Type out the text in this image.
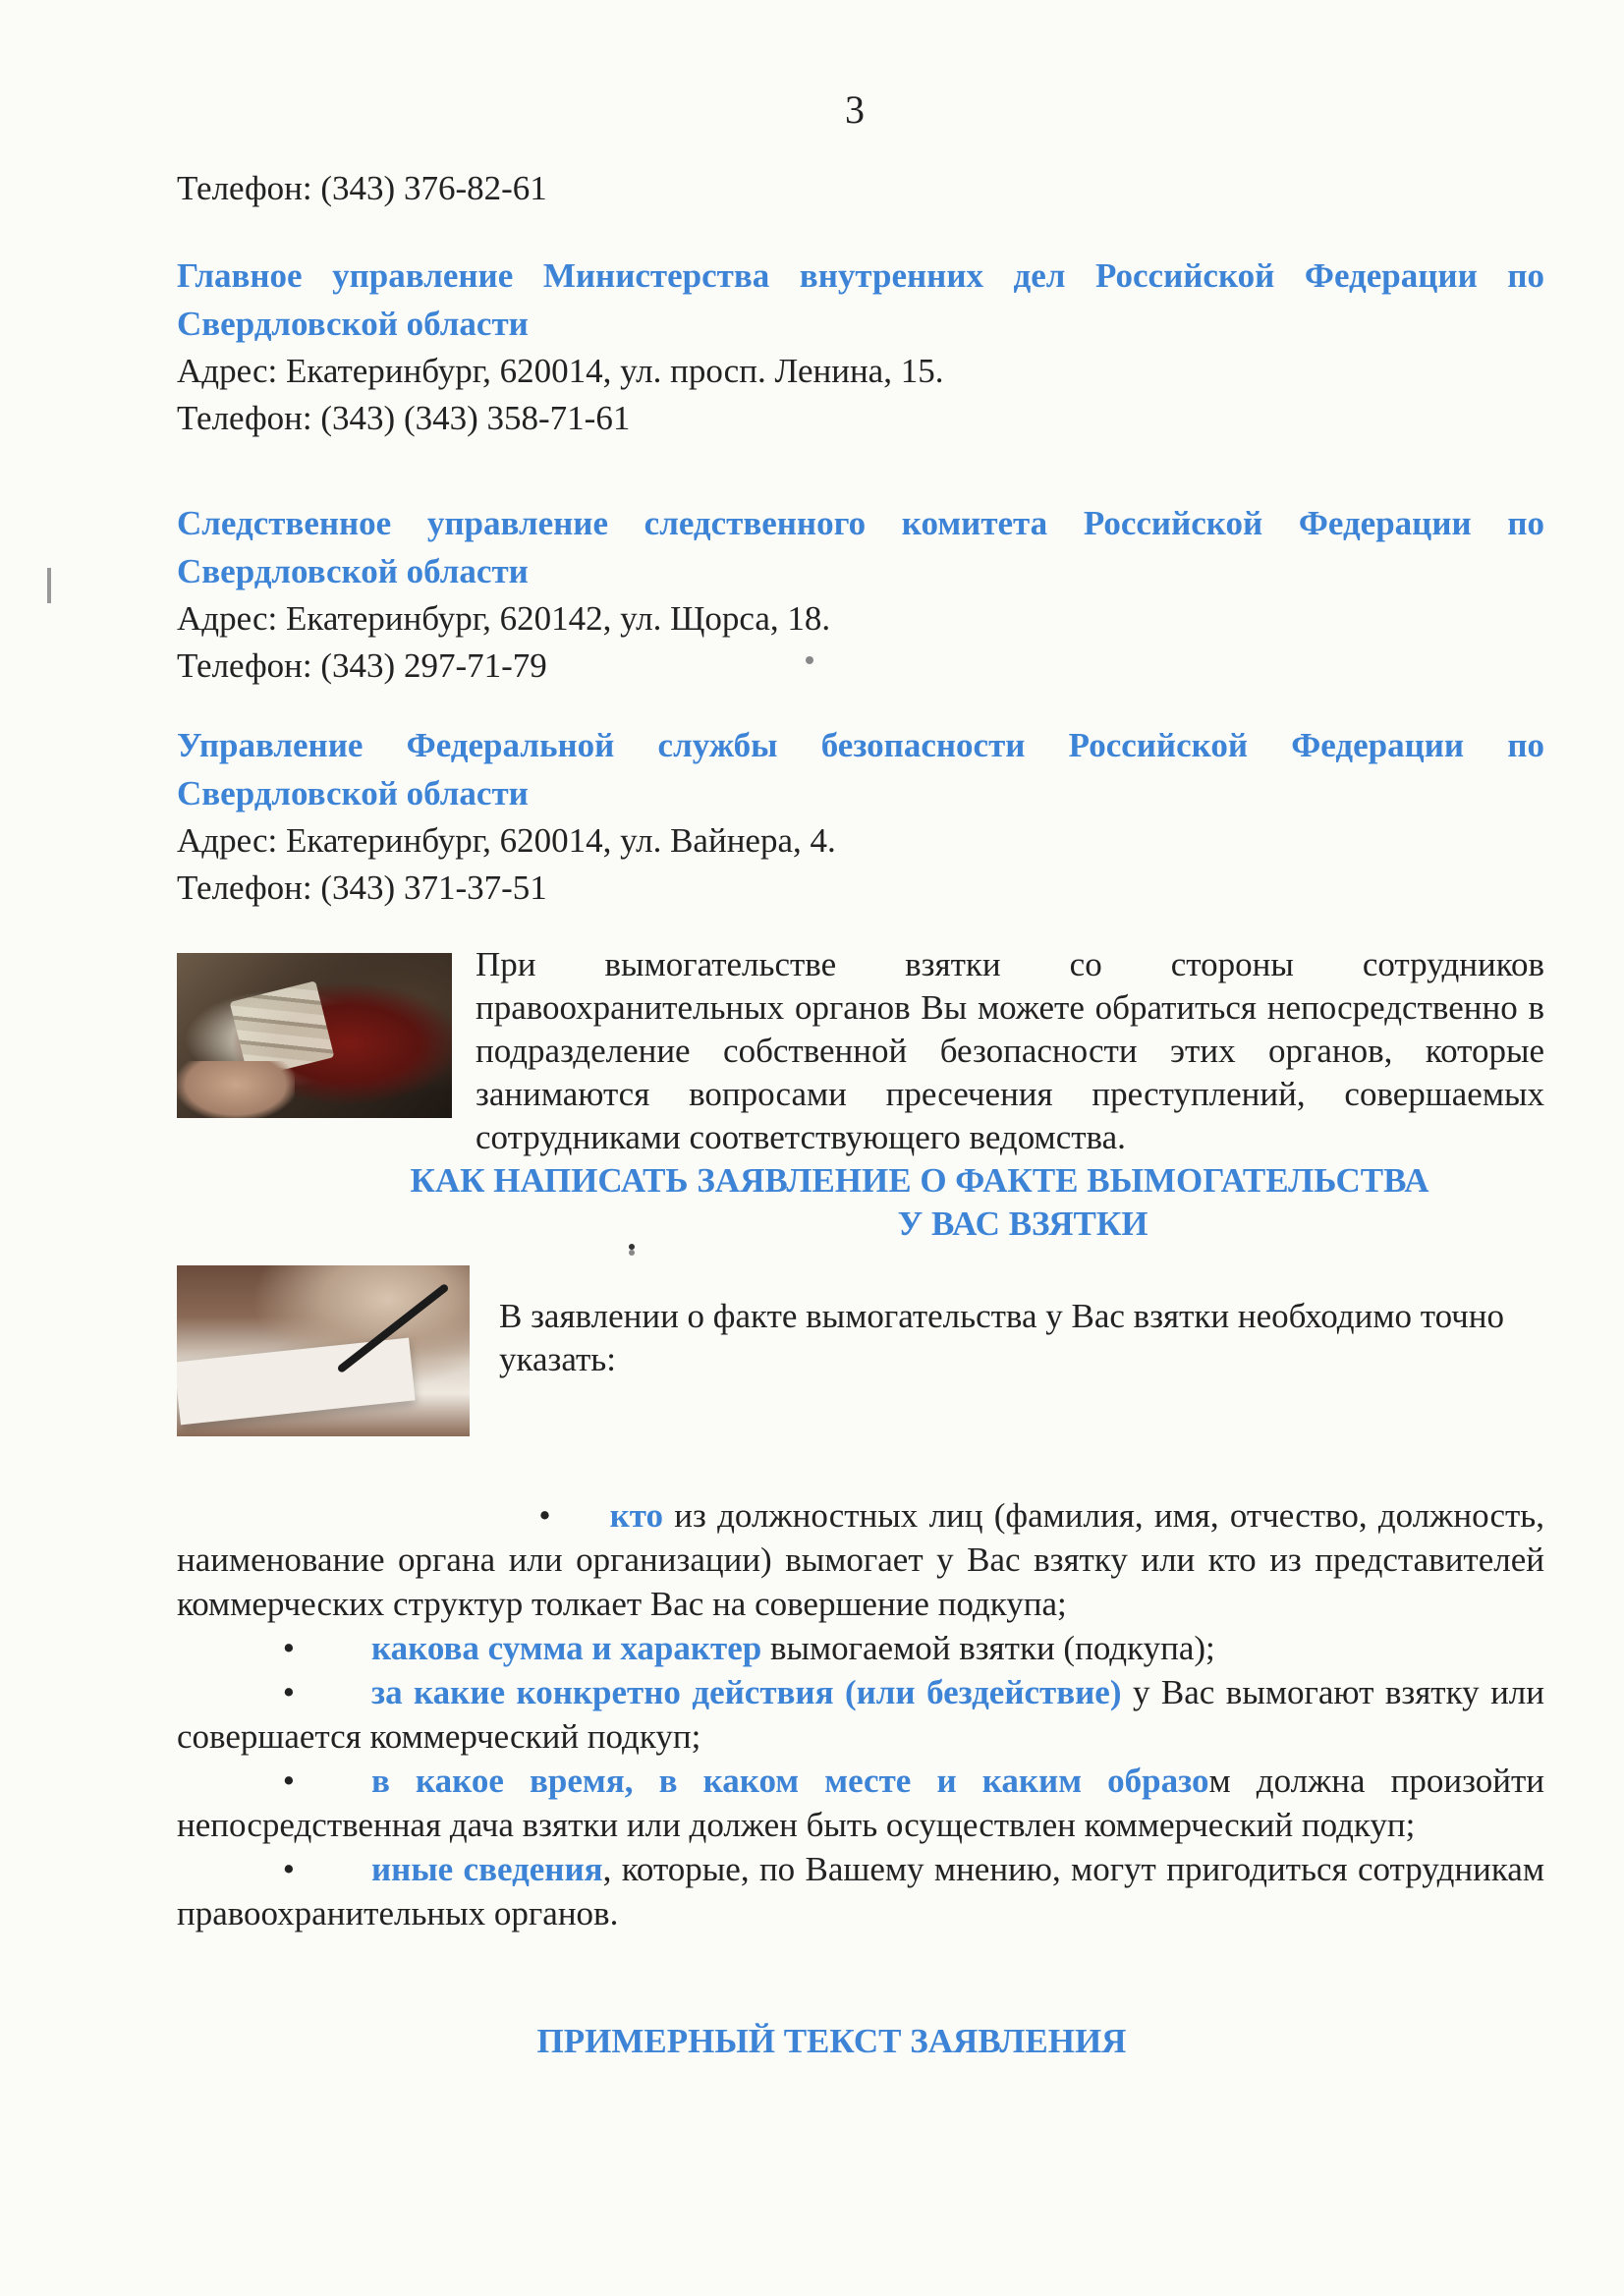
3

Телефон: (343) 376-82-61

Главное управление Министерства внутренних дел Российской Федерации по Свердловской области

Адрес: Екатеринбург, 620014, ул. просп. Ленина, 15.

Телефон: (343) (343) 358-71-61

Следственное управление следственного комитета Российской Федерации по Свердловской области

Адрес: Екатеринбург, 620142, ул. Щорса, 18.

Телефон: (343) 297-71-79

Управление Федеральной службы безопасности Российской Федерации по Свердловской области

Адрес: Екатеринбург, 620014, ул. Вайнера, 4.

Телефон: (343) 371-37-51

При вымогательстве взятки со стороны сотрудников правоохранительных органов Вы можете обратиться непосредственно в подразделение собственной безопасности этих органов, которые занимаются вопросами пресечения преступлений, совершаемых сотрудниками соответствующего ведомства.

КАК НАПИСАТЬ ЗАЯВЛЕНИЕ О ФАКТЕ ВЫМОГАТЕЛЬСТВА

У ВАС ВЗЯТКИ

В заявлении о факте вымогательства у Вас взятки необходимо точно указать:

• кто из должностных лиц (фамилия, имя, отчество, должность, наименование органа или организации) вымогает у Вас взятку или кто из представителей коммерческих структур толкает Вас на совершение подкупа;

• какова сумма и характер вымогаемой взятки (подкупа);

• за какие конкретно действия (или бездействие) у Вас вымогают взятку или совершается коммерческий подкуп;

• в какое время, в каком месте и каким образом должна произойти непосредственная дача взятки или должен быть осуществлен коммерческий подкуп;

• иные сведения, которые, по Вашему мнению, могут пригодиться сотрудникам правоохранительных органов.

ПРИМЕРНЫЙ ТЕКСТ ЗАЯВЛЕНИЯ
